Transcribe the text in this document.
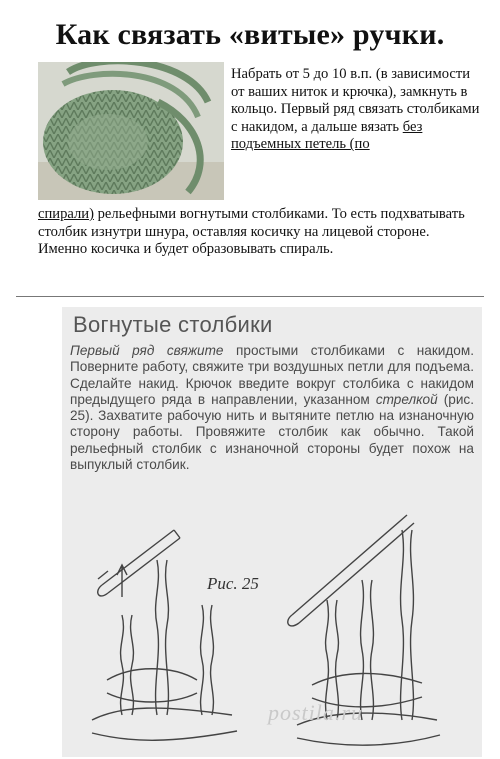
Как связать «витые» ручки.

Набрать от 5 до 10 в.п. (в зависимости от ваших ниток и крючка), замкнуть в кольцо. Первый ряд связать столбиками с накидом, а дальше вязать без подъемных петель (по

спирали) рельефными вогнутыми столбиками. То есть подхватывать столбик изнутри шнура, оставляя косичку на лицевой стороне. Именно косичка и будет образовывать спираль.

Вогнутые столбики
Первый ряд свяжите простыми столбиками с накидом. Поверните работу, свяжите три воздушных петли для подъема. Сделайте накид. Крючок введите вокруг столбика с накидом предыдущего ряда в направлении, указанном стрелкой (рис. 25). Захватите рабочую нить и вытяните петлю на изнаночную сторону работы. Провяжите столбик как обычно. Такой рельефный столбик с изнаночной стороны будет похож на выпуклый столбик.
Рис. 25
postila.ru
